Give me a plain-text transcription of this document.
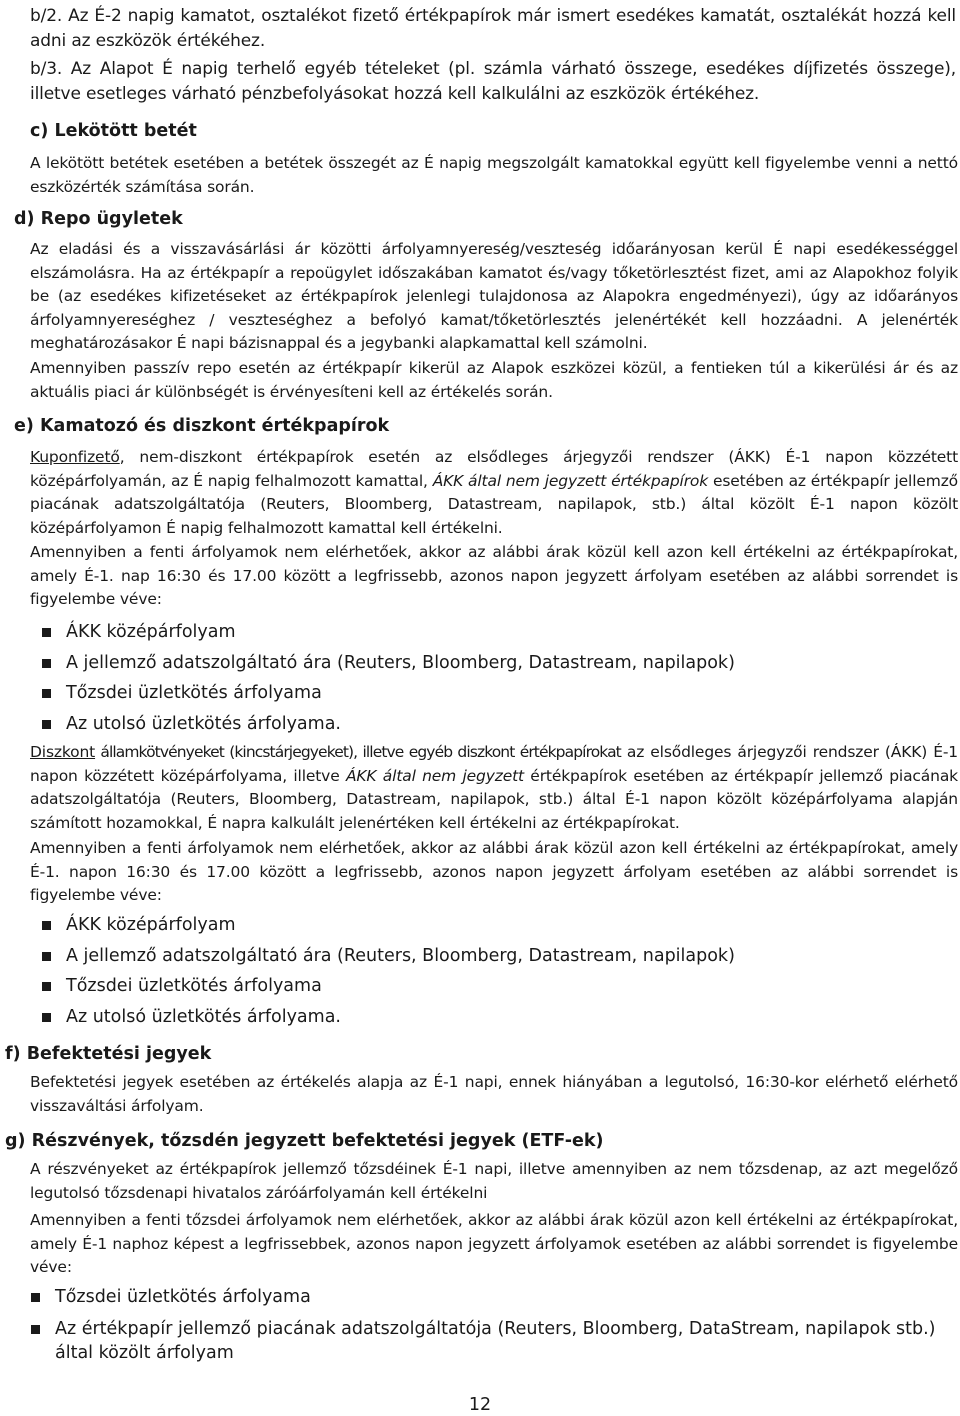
b/2. Az É-2 napig kamatot, osztalékot fizető értékpapírok már ismert esedékes kamatát, osztalékát hozzá kell adni az eszközök értékéhez.

b/3. Az Alapot É napig terhelő egyéb tételeket (pl. számla várható összege, esedékes díjfizetés összege), illetve esetleges várható pénzbefolyásokat hozzá kell kalkulálni az eszközök értékéhez.

c) Lekötött betét

A lekötött betétek esetében a betétek összegét az É napig megszolgált kamatokkal együtt kell figyelembe venni a nettó eszközérték számítása során.

d) Repo ügyletek

Az eladási és a visszavásárlási ár közötti árfolyamnyereség/veszteség időarányosan kerül É napi esedékességgel elszámolásra. Ha az értékpapír a repoügylet időszakában kamatot és/vagy tőketörlesztést fizet, ami az Alapokhoz folyik be (az esedékes kifizetéseket az értékpapírok jelenlegi tulajdonosa az Alapokra engedményezi), úgy az időarányos árfolyamnyereséghez / veszteséghez a befolyó kamat/tőketörlesztés jelenértékét kell hozzáadni. A jelenérték meghatározásakor É napi bázisnappal és a jegybanki alapkamattal kell számolni.

Amennyiben passzív repo esetén az értékpapír kikerül az Alapok eszközei közül, a fentieken túl a kikerülési ár és az aktuális piaci ár különbségét is érvényesíteni kell az értékelés során.

e) Kamatozó és diszkont értékpapírok

Kuponfizető, nem-diszkont értékpapírok esetén az elsődleges árjegyzői rendszer (ÁKK) É-1 napon közzétett középárfolyamán, az É napig felhalmozott kamattal, ÁKK által nem jegyzett értékpapírok esetében az értékpapír jellemző piacának adatszolgáltatója (Reuters, Bloomberg, Datastream, napilapok, stb.) által közölt É-1 napon közölt középárfolyamon É napig felhalmozott kamattal kell értékelni.

Amennyiben a fenti árfolyamok nem elérhetőek, akkor az alábbi árak közül kell azon kell értékelni az értékpapírokat, amely É-1. nap 16:30 és 17.00 között a legfrissebb, azonos napon jegyzett árfolyam esetében az alábbi sorrendet is figyelembe véve:

ÁKK középárfolyam
A jellemző adatszolgáltató ára (Reuters, Bloomberg, Datastream, napilapok)
Tőzsdei üzletkötés árfolyama
Az utolsó üzletkötés árfolyama.

Diszkont államkötvényeket (kincstárjegyeket), illetve egyéb diszkont értékpapírokat az elsődleges árjegyzői rendszer (ÁKK) É-1 napon közzétett középárfolyama, illetve ÁKK által nem jegyzett értékpapírok esetében az értékpapír jellemző piacának adatszolgáltatója (Reuters, Bloomberg, Datastream, napilapok, stb.) által É-1 napon közölt középárfolyama alapján számított hozamokkal, É napra kalkulált jelenértéken kell értékelni az értékpapírokat.

Amennyiben a fenti árfolyamok nem elérhetőek, akkor az alábbi árak közül azon kell értékelni az értékpapírokat, amely É-1. napon 16:30 és 17.00 között a legfrissebb, azonos napon jegyzett árfolyam esetében az alábbi sorrendet is figyelembe véve:

ÁKK középárfolyam
A jellemző adatszolgáltató ára (Reuters, Bloomberg, Datastream, napilapok)
Tőzsdei üzletkötés árfolyama
Az utolsó üzletkötés árfolyama.
f) Befektetési jegyek

Befektetési jegyek esetében az értékelés alapja az É-1 napi, ennek hiányában a legutolsó, 16:30-kor elérhető elérhető visszaváltási árfolyam.

g) Részvények, tőzsdén jegyzett befektetési jegyek (ETF-ek)

A részvényeket az értékpapírok jellemző tőzsdéinek É-1 napi, illetve amennyiben az nem tőzsdenap, az azt megelőző legutolsó tőzsdenapi hivatalos záróárfolyamán kell értékelni

Amennyiben a fenti tőzsdei árfolyamok nem elérhetőek, akkor az alábbi árak közül azon kell értékelni az értékpapírokat, amely É-1 naphoz képest a legfrissebbek, azonos napon jegyzett árfolyamok esetében az alábbi sorrendet is figyelembe véve:

Tőzsdei üzletkötés árfolyama
Az értékpapír jellemző piacának adatszolgáltatója (Reuters, Bloomberg, DataStream, napilapok stb.) által közölt árfolyam
12
